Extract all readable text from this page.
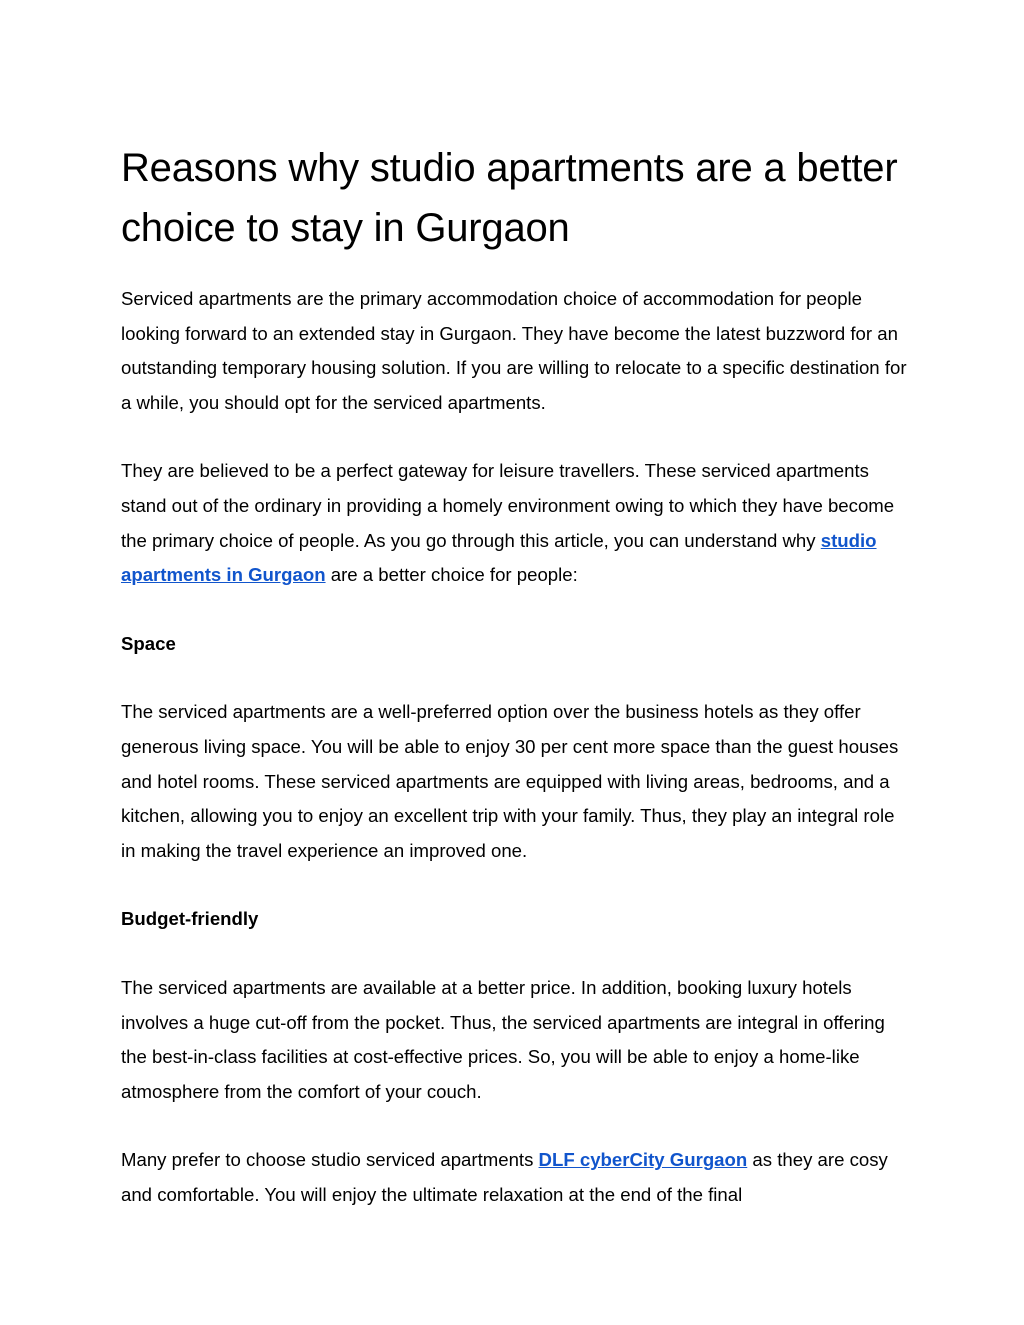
Reasons why studio apartments are a better choice to stay in Gurgaon

Serviced apartments are the primary accommodation choice of accommodation for people looking forward to an extended stay in Gurgaon. They have become the latest buzzword for an outstanding temporary housing solution. If you are willing to relocate to a specific destination for a while, you should opt for the serviced apartments.

They are believed to be a perfect gateway for leisure travellers. These serviced apartments stand out of the ordinary in providing a homely environment owing to which they have become the primary choice of people. As you go through this article, you can understand why studio apartments in Gurgaon are a better choice for people:

Space

The serviced apartments are a well-preferred option over the business hotels as they offer generous living space. You will be able to enjoy 30 per cent more space than the guest houses and hotel rooms. These serviced apartments are equipped with living areas, bedrooms, and a kitchen, allowing you to enjoy an excellent trip with your family. Thus, they play an integral role in making the travel experience an improved one.

Budget-friendly

The serviced apartments are available at a better price. In addition, booking luxury hotels involves a huge cut-off from the pocket. Thus, the serviced apartments are integral in offering the best-in-class facilities at cost-effective prices. So, you will be able to enjoy a home-like atmosphere from the comfort of your couch.

Many prefer to choose studio serviced apartments DLF cyberCity Gurgaon as they are cosy and comfortable. You will enjoy the ultimate relaxation at the end of the final
